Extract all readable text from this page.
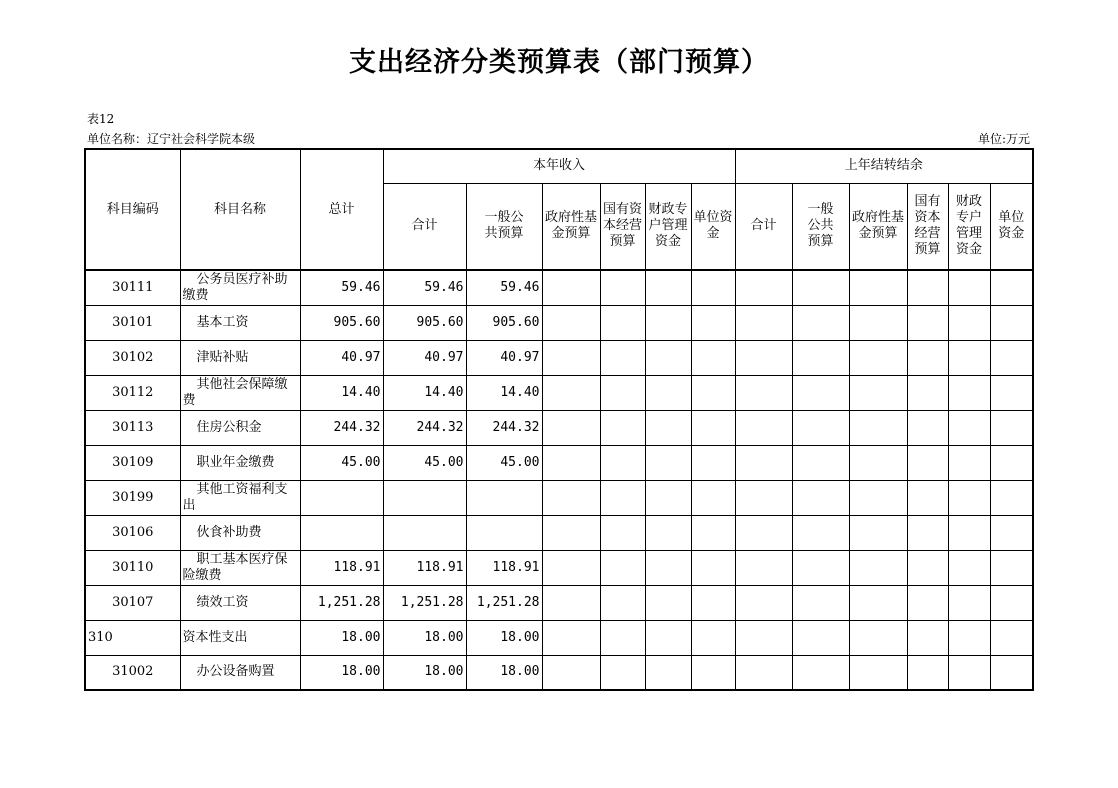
支出经济分类预算表（部门预算）
表12
单位名称：辽宁社会科学院本级	单位:万元
科目编码	科目名称	总计	本年收入						上年结转结余					
			合计	一般公共预算	政府性基金预算	国有资本经营预算	财政专户管理资金	单位资金	合计	一般公共预算	政府性基金预算	国有资本经营预算	财政专户管理资金	单位资金
30111	公务员医疗补助缴费	59.46	59.46	59.46										
30101	基本工资	905.60	905.60	905.60										
30102	津贴补贴	40.97	40.97	40.97										
30112	其他社会保障缴费	14.40	14.40	14.40										
30113	住房公积金	244.32	244.32	244.32										
30109	职业年金缴费	45.00	45.00	45.00										
30199	其他工资福利支出													
30106	伙食补助费													
30110	职工基本医疗保险缴费	118.91	118.91	118.91										
30107	绩效工资	1,251.28	1,251.28	1,251.28										
310	资本性支出	18.00	18.00	18.00										
31002	办公设备购置	18.00	18.00	18.00										
